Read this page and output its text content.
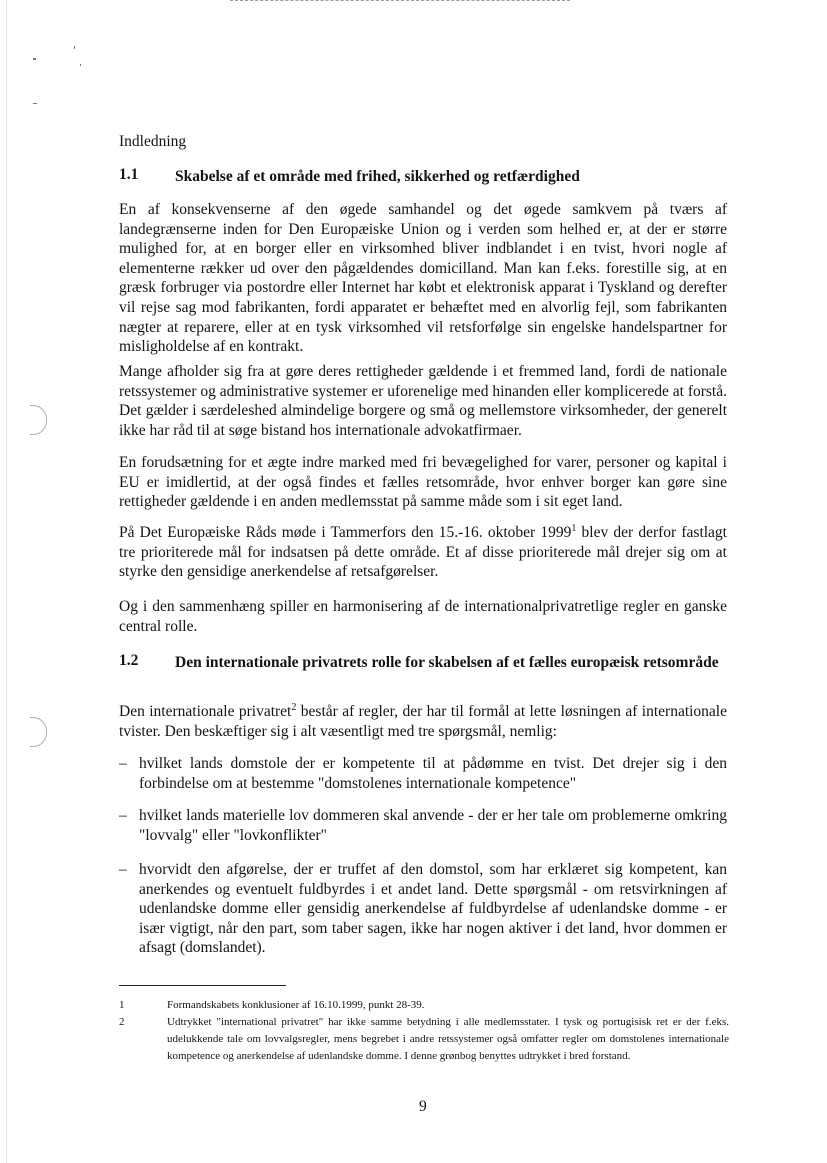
Indledning
1.1 Skabelse af et område med frihed, sikkerhed og retfærdighed

En af konsekvenserne af den øgede samhandel og det øgede samkvem på tværs af landegrænserne inden for Den Europæiske Union og i verden som helhed er, at der er større mulighed for, at en borger eller en virksomhed bliver indblandet i en tvist, hvori nogle af elementerne rækker ud over den pågældendes domicilland. Man kan f.eks. forestille sig, at en græsk forbruger via postordre eller Internet har købt et elektronisk apparat i Tyskland og derefter vil rejse sag mod fabrikanten, fordi apparatet er behæftet med en alvorlig fejl, som fabrikanten nægter at reparere, eller at en tysk virksomhed vil retsforfølge sin engelske handelspartner for misligholdelse af en kontrakt.

Mange afholder sig fra at gøre deres rettigheder gældende i et fremmed land, fordi de nationale retssystemer og administrative systemer er uforenelige med hinanden eller komplicerede at forstå. Det gælder i særdeleshed almindelige borgere og små og mellemstore virksomheder, der generelt ikke har råd til at søge bistand hos internationale advokatfirmaer.

En forudsætning for et ægte indre marked med fri bevægelighed for varer, personer og kapital i EU er imidlertid, at der også findes et fælles retsområde, hvor enhver borger kan gøre sine rettigheder gældende i en anden medlemsstat på samme måde som i sit eget land.

På Det Europæiske Råds møde i Tammerfors den 15.-16. oktober 1999$^1$ blev der derfor fastlagt tre prioriterede mål for indsatsen på dette område. Et af disse prioriterede mål drejer sig om at styrke den gensidige anerkendelse af retsafgørelser.

Og i den sammenhæng spiller en harmonisering af de internationalprivatretlige regler en ganske central rolle.

1.2 Den internationale privatrets rolle for skabelsen af et fælles europæisk retsområde

Den internationale privatret$^2$ består af regler, der har til formål at lette løsningen af internationale tvister. Den beskæftiger sig i alt væsentligt med tre spørgsmål, nemlig:

– hvilket lands domstole der er kompetente til at pådømme en tvist. Det drejer sig i den forbindelse om at bestemme "domstolenes internationale kompetence"
– hvilket lands materielle lov dommeren skal anvende - der er her tale om problemerne omkring "lovvalg" eller "lovkonflikter"
– hvorvidt den afgørelse, der er truffet af den domstol, som har erklæret sig kompetent, kan anerkendes og eventuelt fuldbyrdes i et andet land. Dette spørgsmål - om retsvirkningen af udenlandske domme eller gensidig anerkendelse af fuldbyrdelse af udenlandske domme - er især vigtigt, når den part, som taber sagen, ikke har nogen aktiver i det land, hvor dommen er afsagt (domslandet).
1	Formandskabets konklusioner af 16.10.1999, punkt 28-39.
2	Udtrykket "international privatret" har ikke samme betydning i alle medlemsstater. I tysk og portugisisk ret er der f.eks. udelukkende tale om lovvalgsregler, mens begrebet i andre retssystemer også omfatter regler om domstolenes internationale kompetence og anerkendelse af udenlandske domme. I denne grønbog benyttes udtrykket i bred forstand.
9
